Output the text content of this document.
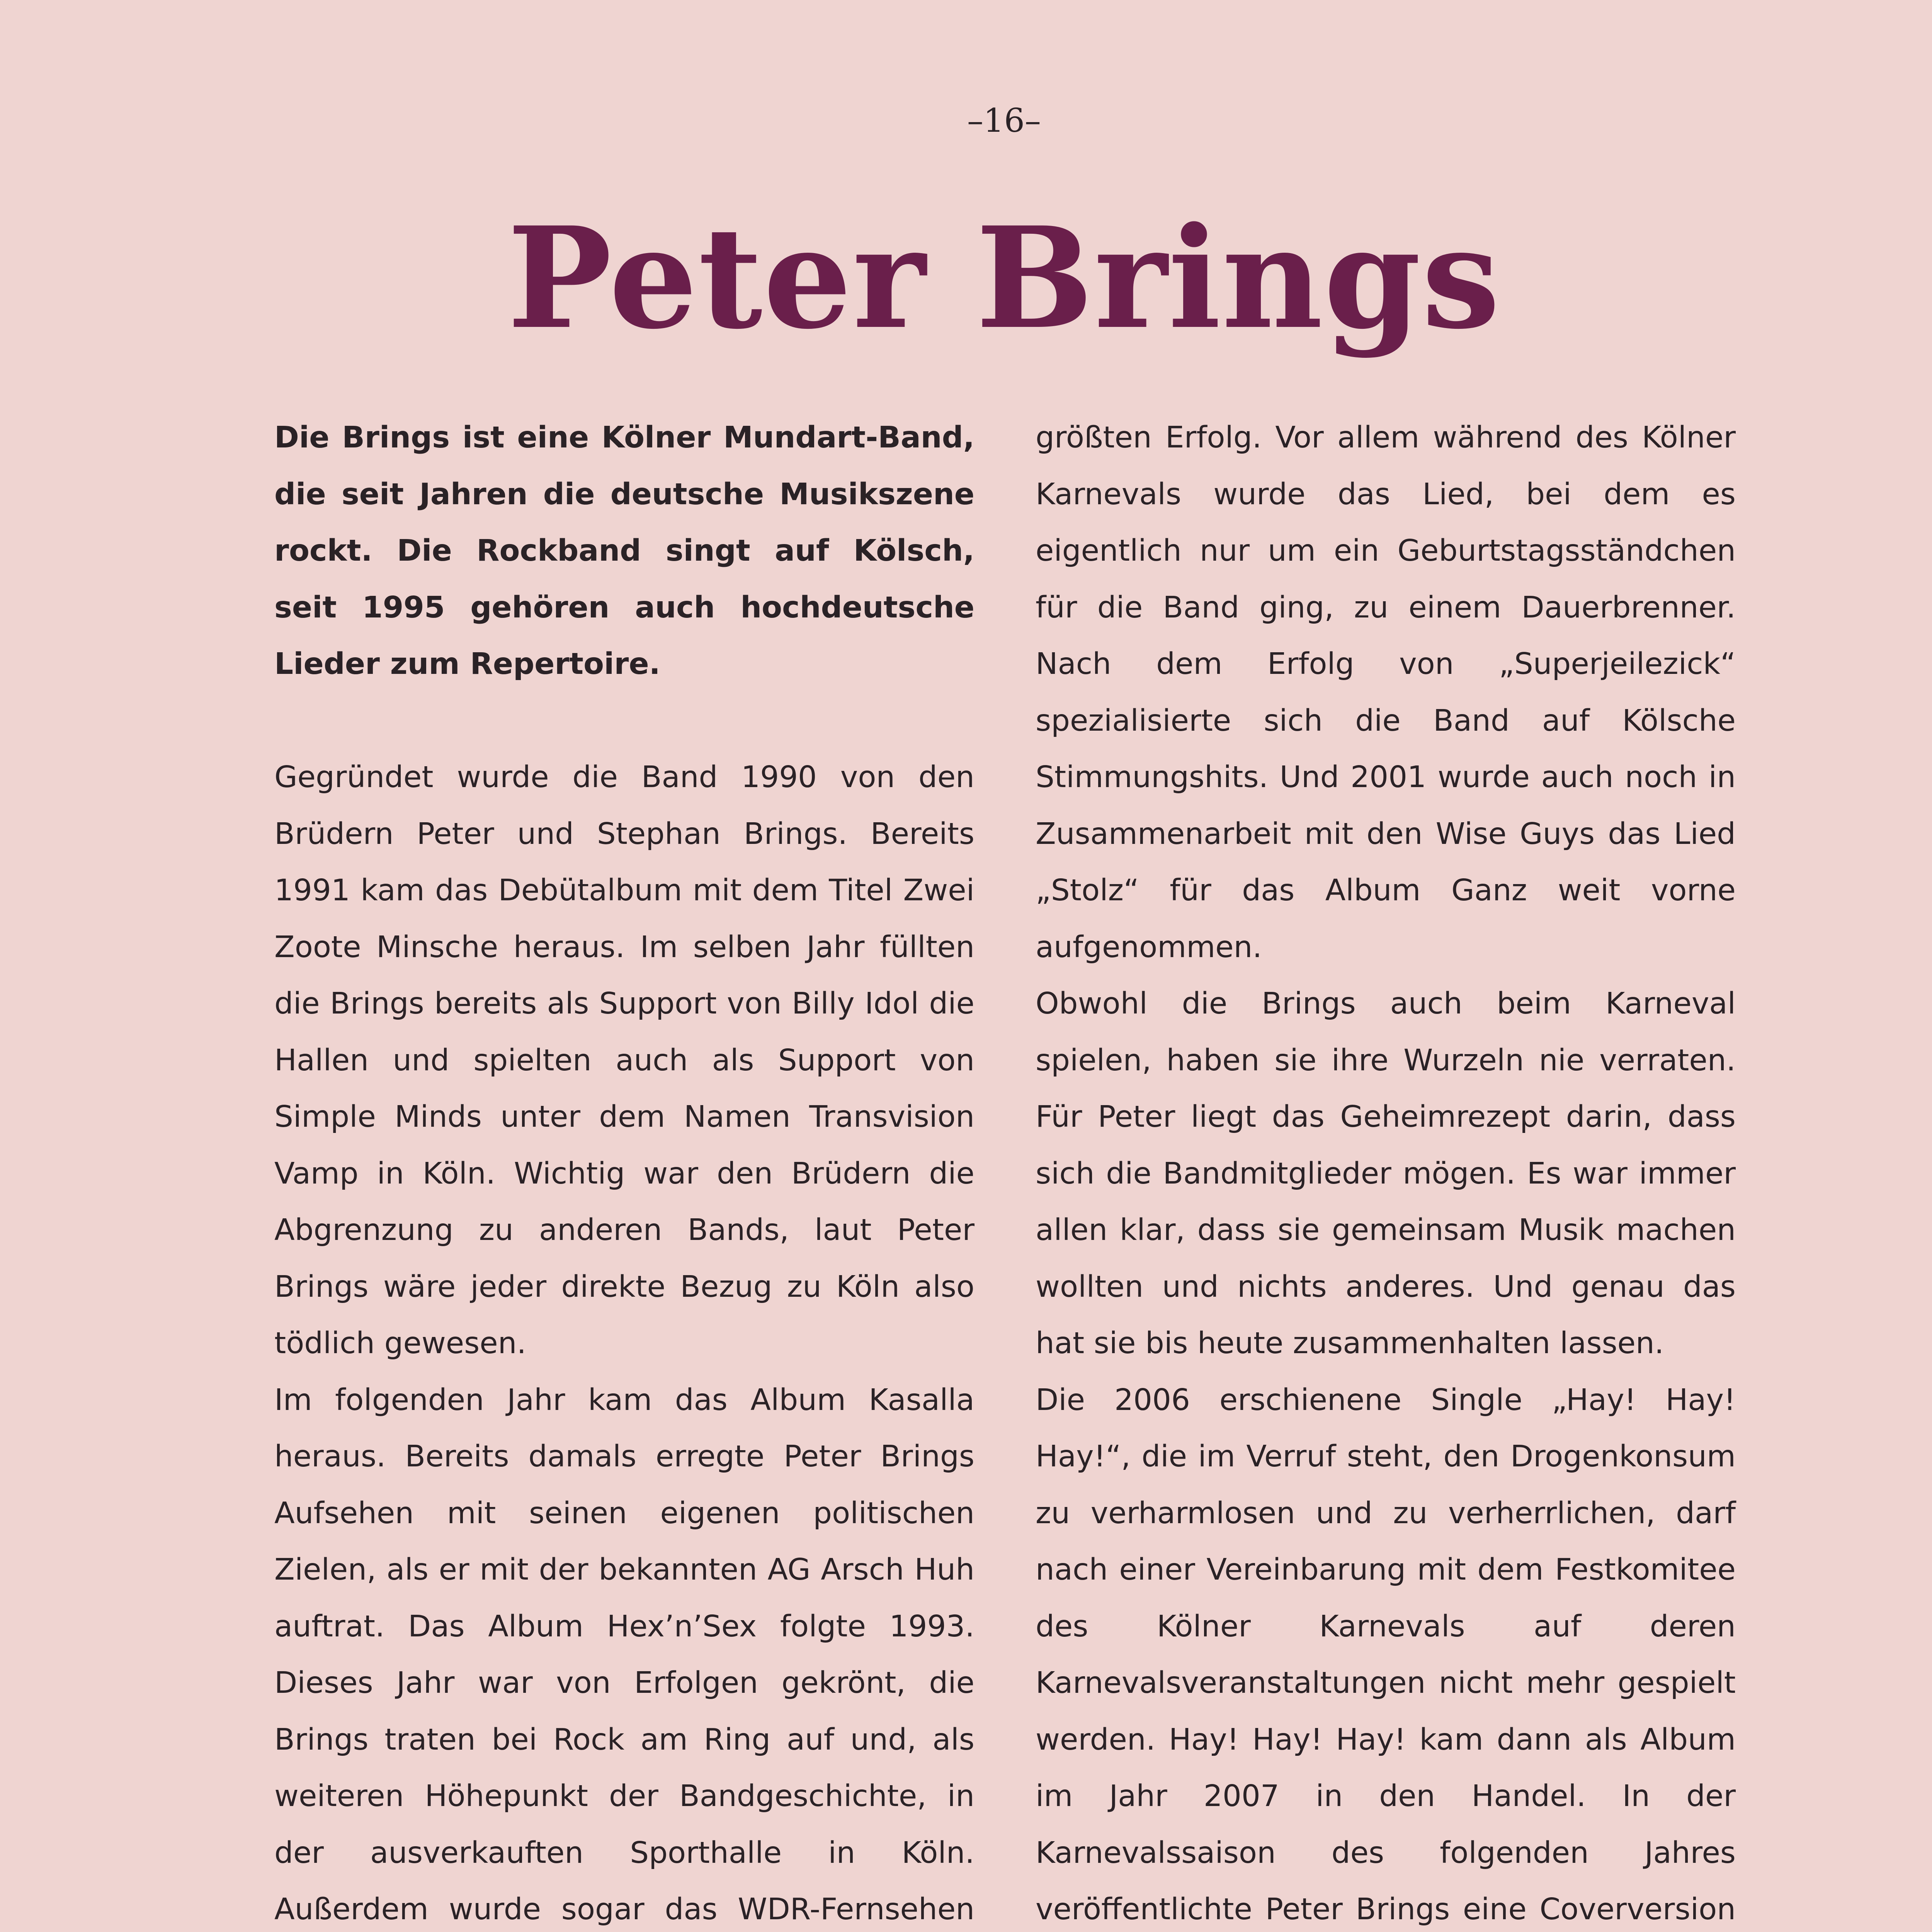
–16–
Peter Brings

Die Brings ist eine Kölner Mundart-Band, die seit Jahren die deutsche Musikszene rockt. Die Rockband singt auf Kölsch, seit 1995 gehören auch hochdeutsche Lieder zum Repertoire.

Gegründet wurde die Band 1990 von den Brüdern Peter und Stephan Brings. Bereits 1991 kam das Debütalbum mit dem Titel Zwei Zoote Minsche heraus. Im selben Jahr füllten die Brings bereits als Support von Billy Idol die Hallen und spielten auch als Support von Simple Minds unter dem Namen Transvision Vamp in Köln. Wichtig war den Brüdern die Abgrenzung zu anderen Bands, laut Peter Brings wäre jeder direkte Bezug zu Köln also tödlich gewesen.

Im folgenden Jahr kam das Album Kasalla heraus. Bereits damals erregte Peter Brings Aufsehen mit seinen eigenen politischen Zielen, als er mit der bekannten AG Arsch Huh auftrat. Das Album Hex’n’Sex folgte 1993. Dieses Jahr war von Erfolgen gekrönt, die Brings traten bei Rock am Ring auf und, als weiteren Höhepunkt der Bandgeschichte, in der ausverkauften Sporthalle in Köln. Außerdem wurde sogar das WDR-Fernsehen

größten Erfolg. Vor allem während des Kölner Karnevals wurde das Lied, bei dem es eigentlich nur um ein Geburtstagsständchen für die Band ging, zu einem Dauerbrenner. Nach dem Erfolg von „Superjeilezick“ spezialisierte sich die Band auf Kölsche Stimmungshits. Und 2001 wurde auch noch in Zusammenarbeit mit den Wise Guys das Lied „Stolz“ für das Album Ganz weit vorne aufgenommen.

Obwohl die Brings auch beim Karneval spielen, haben sie ihre Wurzeln nie verraten. Für Peter liegt das Geheimrezept darin, dass sich die Bandmitglieder mögen. Es war immer allen klar, dass sie gemeinsam Musik machen wollten und nichts anderes. Und genau das hat sie bis heute zusammenhalten lassen.

Die 2006 erschienene Single „Hay! Hay! Hay!“, die im Verruf steht, den Drogenkonsum zu verharmlosen und zu verherrlichen, darf nach einer Vereinbarung mit dem Festkomitee des Kölner Karnevals auf deren Karnevalsveranstaltungen nicht mehr gespielt werden. Hay! Hay! Hay! kam dann als Album im Jahr 2007 in den Handel. In der Karnevalssaison des folgenden Jahres veröffentlichte Peter Brings eine Coverversion
